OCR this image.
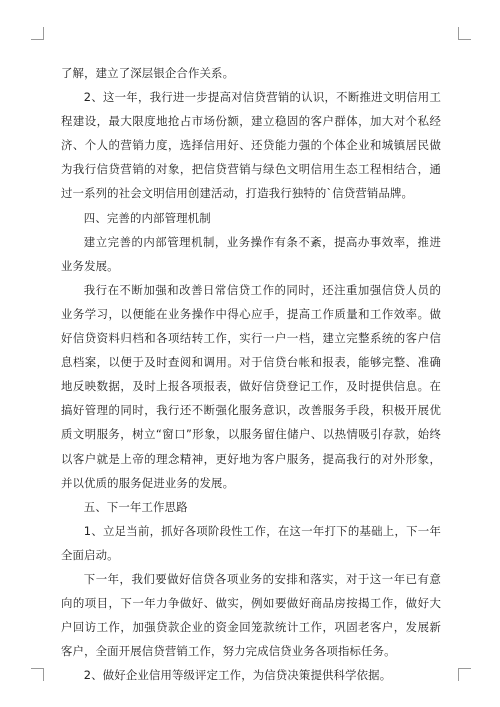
了解，建立了深层银企合作关系。

2、这一年，我行进一步提高对信贷营销的认识，不断推进文明信用工程建设，最大限度地抢占市场份额，建立稳固的客户群体，加大对个私经济、个人的营销力度，选择信用好、还贷能力强的个体企业和城镇居民做为我行信贷营销的对象，把信贷营销与绿色文明信用生态工程相结合，通过一系列的社会文明信用创建活动，打造我行独特的`信贷营销品牌。

四、完善的内部管理机制

建立完善的内部管理机制，业务操作有条不紊，提高办事效率，推进业务发展。

我行在不断加强和改善日常信贷工作的同时，还注重加强信贷人员的业务学习，以便能在业务操作中得心应手，提高工作质量和工作效率。做好信贷资料归档和各项结转工作，实行一户一档，建立完整系统的客户信息档案，以便于及时查阅和调用。对于信贷台帐和报表，能够完整、准确地反映数据，及时上报各项报表，做好信贷登记工作，及时提供信息。在搞好管理的同时，我行还不断强化服务意识，改善服务手段，积极开展优质文明服务，树立“窗口”形象，以服务留住储户、以热情吸引存款，始终以客户就是上帝的理念精神，更好地为客户服务，提高我行的对外形象，并以优质的服务促进业务的发展。

五、下一年工作思路

1、立足当前，抓好各项阶段性工作，在这一年打下的基础上，下一年全面启动。

下一年，我们要做好信贷各项业务的安排和落实，对于这一年已有意向的项目，下一年力争做好、做实，例如要做好商品房按揭工作，做好大户回访工作，加强贷款企业的资金回笼款统计工作，巩固老客户，发展新客户，全面开展信贷营销工作，努力完成信贷业务各项指标任务。

2、做好企业信用等级评定工作，为信贷决策提供科学依据。
